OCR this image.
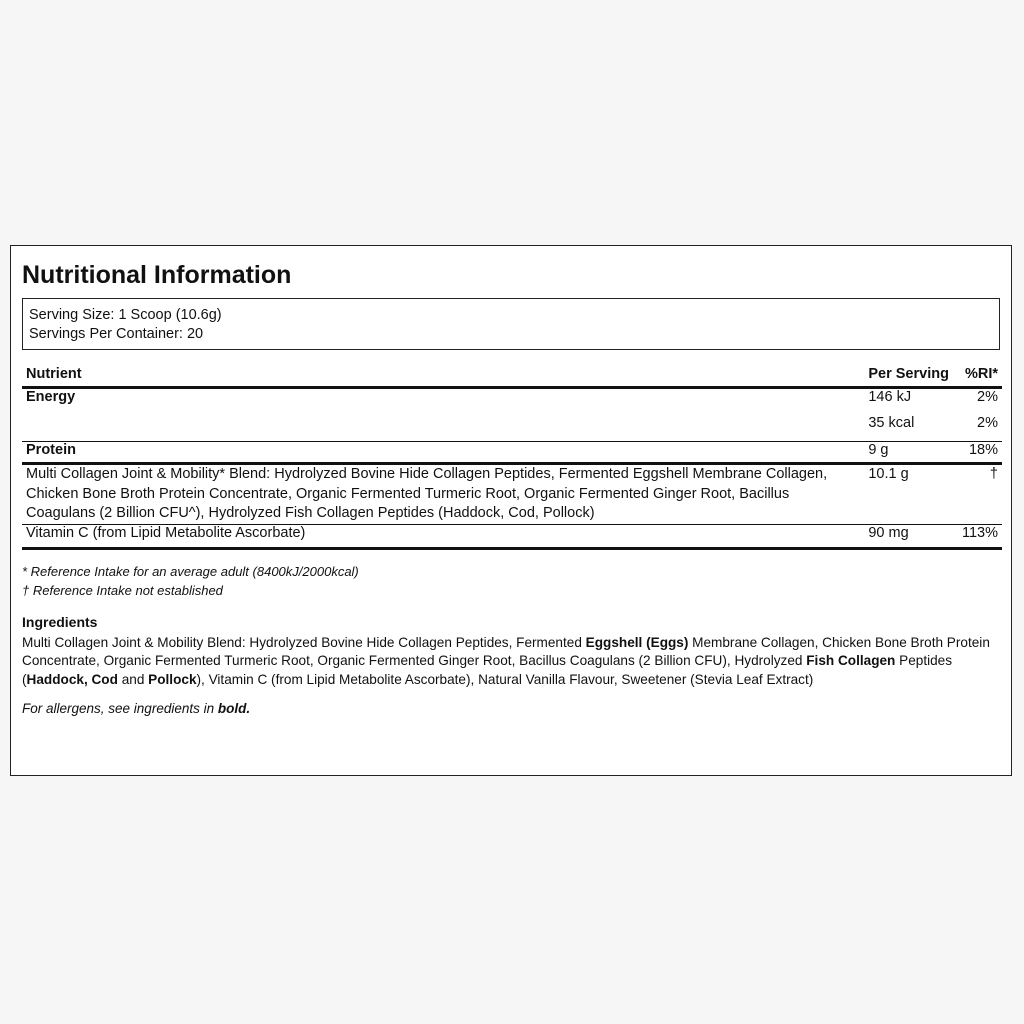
Nutritional Information
Serving Size: 1 Scoop (10.6g)
Servings Per Container: 20
Nutrient	Per Serving	%RI*
Energy	146 kJ	2%
	35 kcal	2%
Protein	9 g	18%
Multi Collagen Joint & Mobility* Blend: Hydrolyzed Bovine Hide Collagen Peptides, Fermented Eggshell Membrane Collagen, Chicken Bone Broth Protein Concentrate, Organic Fermented Turmeric Root, Organic Fermented Ginger Root, Bacillus Coagulans (2 Billion CFU^), Hydrolyzed Fish Collagen Peptides (Haddock, Cod, Pollock)	10.1 g	†
Vitamin C (from Lipid Metabolite Ascorbate)	90 mg	113%
* Reference Intake for an average adult (8400kJ/2000kcal)
† Reference Intake not established
Ingredients
Multi Collagen Joint & Mobility Blend: Hydrolyzed Bovine Hide Collagen Peptides, Fermented Eggshell (Eggs) Membrane Collagen, Chicken Bone Broth Protein Concentrate, Organic Fermented Turmeric Root, Organic Fermented Ginger Root, Bacillus Coagulans (2 Billion CFU), Hydrolyzed Fish Collagen Peptides (Haddock, Cod and Pollock), Vitamin C (from Lipid Metabolite Ascorbate), Natural Vanilla Flavour, Sweetener (Stevia Leaf Extract)
For allergens, see ingredients in bold.
